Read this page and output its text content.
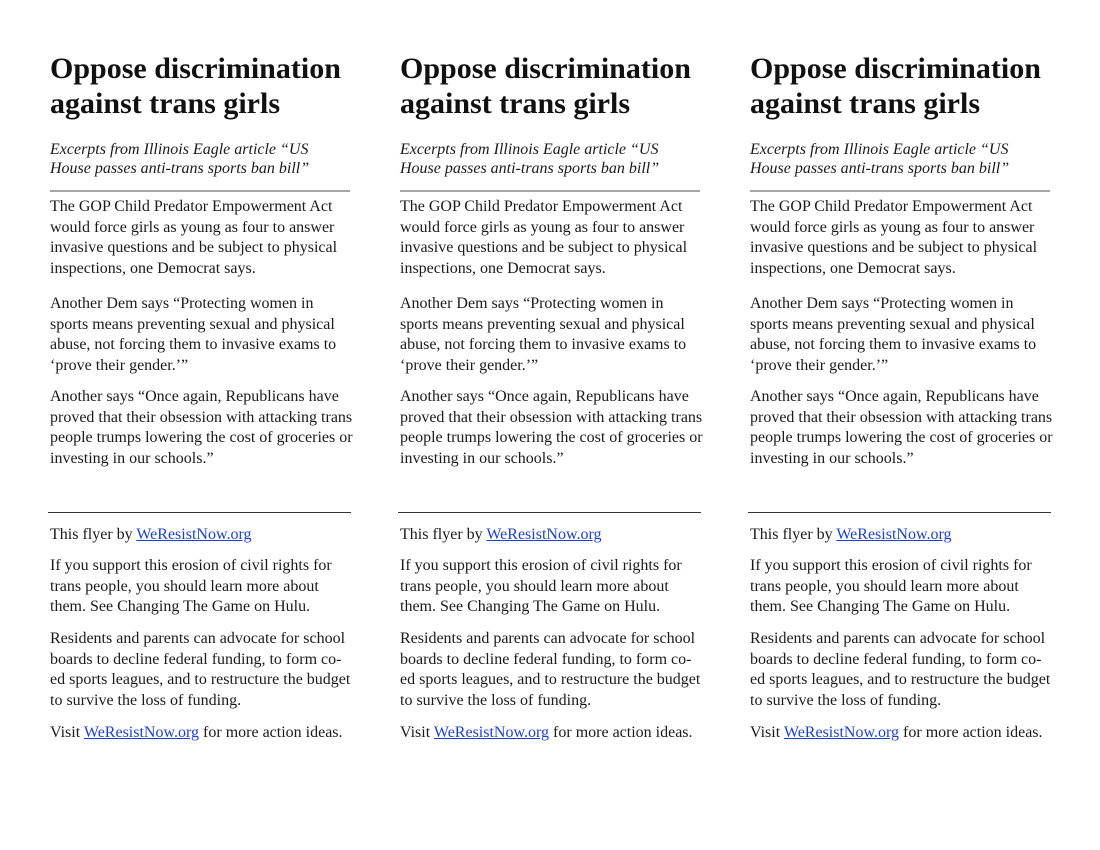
Oppose discrimination against trans girls

Excerpts from Illinois Eagle article “US House passes anti-trans sports ban bill”

The GOP Child Predator Empowerment Act would force girls as young as four to answer invasive questions and be subject to physical inspections, one Democrat says.

Another Dem says “Protecting women in sports means preventing sexual and physical abuse, not forcing them to invasive exams to ‘prove their gender.’”

Another says “Once again, Republicans have proved that their obsession with attacking trans people trumps lowering the cost of groceries or investing in our schools.”

This flyer by WeResistNow.org

If you support this erosion of civil rights for trans people, you should learn more about them. See Changing The Game on Hulu.

Residents and parents can advocate for school boards to decline federal funding, to form co-ed sports leagues, and to restructure the budget to survive the loss of funding.

Visit WeResistNow.org for more action ideas.

Oppose discrimination against trans girls

Excerpts from Illinois Eagle article “US House passes anti-trans sports ban bill”

The GOP Child Predator Empowerment Act would force girls as young as four to answer invasive questions and be subject to physical inspections, one Democrat says.

Another Dem says “Protecting women in sports means preventing sexual and physical abuse, not forcing them to invasive exams to ‘prove their gender.’”

Another says “Once again, Republicans have proved that their obsession with attacking trans people trumps lowering the cost of groceries or investing in our schools.”

This flyer by WeResistNow.org

If you support this erosion of civil rights for trans people, you should learn more about them. See Changing The Game on Hulu.

Residents and parents can advocate for school boards to decline federal funding, to form co-ed sports leagues, and to restructure the budget to survive the loss of funding.

Visit WeResistNow.org for more action ideas.

Oppose discrimination against trans girls

Excerpts from Illinois Eagle article “US House passes anti-trans sports ban bill”

The GOP Child Predator Empowerment Act would force girls as young as four to answer invasive questions and be subject to physical inspections, one Democrat says.

Another Dem says “Protecting women in sports means preventing sexual and physical abuse, not forcing them to invasive exams to ‘prove their gender.’”

Another says “Once again, Republicans have proved that their obsession with attacking trans people trumps lowering the cost of groceries or investing in our schools.”

This flyer by WeResistNow.org

If you support this erosion of civil rights for trans people, you should learn more about them. See Changing The Game on Hulu.

Residents and parents can advocate for school boards to decline federal funding, to form co-ed sports leagues, and to restructure the budget to survive the loss of funding.

Visit WeResistNow.org for more action ideas.
